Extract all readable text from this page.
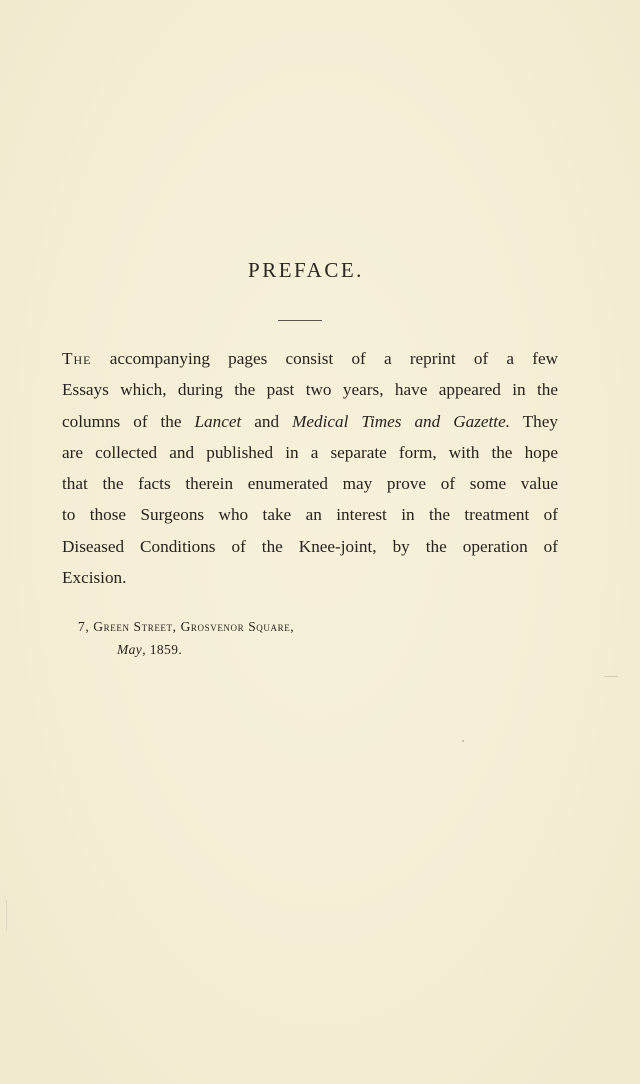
PREFACE.
The accompanying pages consist of a reprint of a few
Essays which, during the past two years, have appeared in the
columns of the Lancet and Medical Times and Gazette. They
are collected and published in a separate form, with the hope
that the facts therein enumerated may prove of some value
to those Surgeons who take an interest in the treatment of
Diseased Conditions of the Knee-joint, by the operation of
Excision.
7, Green Street, Grosvenor Square,
May, 1859.
